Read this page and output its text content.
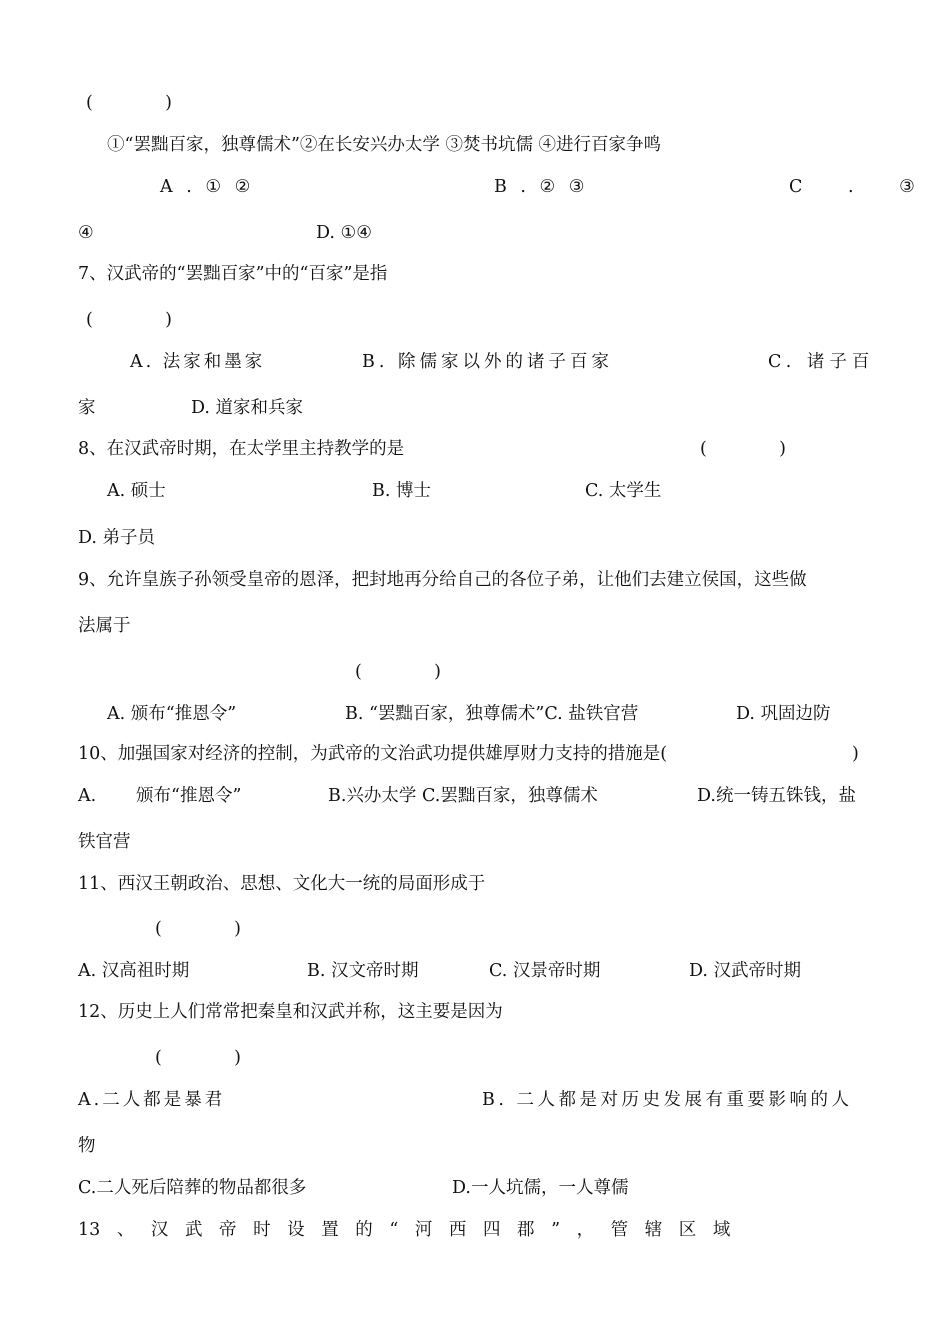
(             )
①“罢黜百家，独尊儒术”②在长安兴办太学 ③焚书坑儒 ④进行百家争鸣
A . ① ②	B . ② ③	C . ③
④	D. ①④
7、汉武帝的“罢黜百家”中的“百家”是指
(             )
A. 法家和墨家	B. 除儒家以外的诸子百家	C. 诸子百
家	D. 道家和兵家
8、在汉武帝时期，在太学里主持教学的是	(             )
A. 硕士	B. 博士	C. 太学生
D. 弟子员
9、允许皇族子孙领受皇帝的恩泽，把封地再分给自己的各位子弟，让他们去建立侯国，这些做
法属于
(             )
A. 颁布“推恩令”	B. “罢黜百家，独尊儒术”C. 盐铁官营	D. 巩固边防
10、加强国家对经济的控制，为武帝的文治武功提供雄厚财力支持的措施是(	)
A. 颁布“推恩令”	B.兴办太学 C.罢黜百家，独尊儒术	D.统一铸五铢钱，盐
铁官营
11、西汉王朝政治、思想、文化大一统的局面形成于
(             )
A. 汉高祖时期	B. 汉文帝时期	C. 汉景帝时期	D. 汉武帝时期
12、历史上人们常常把秦皇和汉武并称，这主要是因为
(             )
A.二人都是暴君	B. 二人都是对历史发展有重要影响的人
物
C.二人死后陪葬的物品都很多	D.一人坑儒，一人尊儒
13 、 汉 武 帝 时 设 置 的 “ 河 西 四 郡 ” ， 管 辖 区 域
